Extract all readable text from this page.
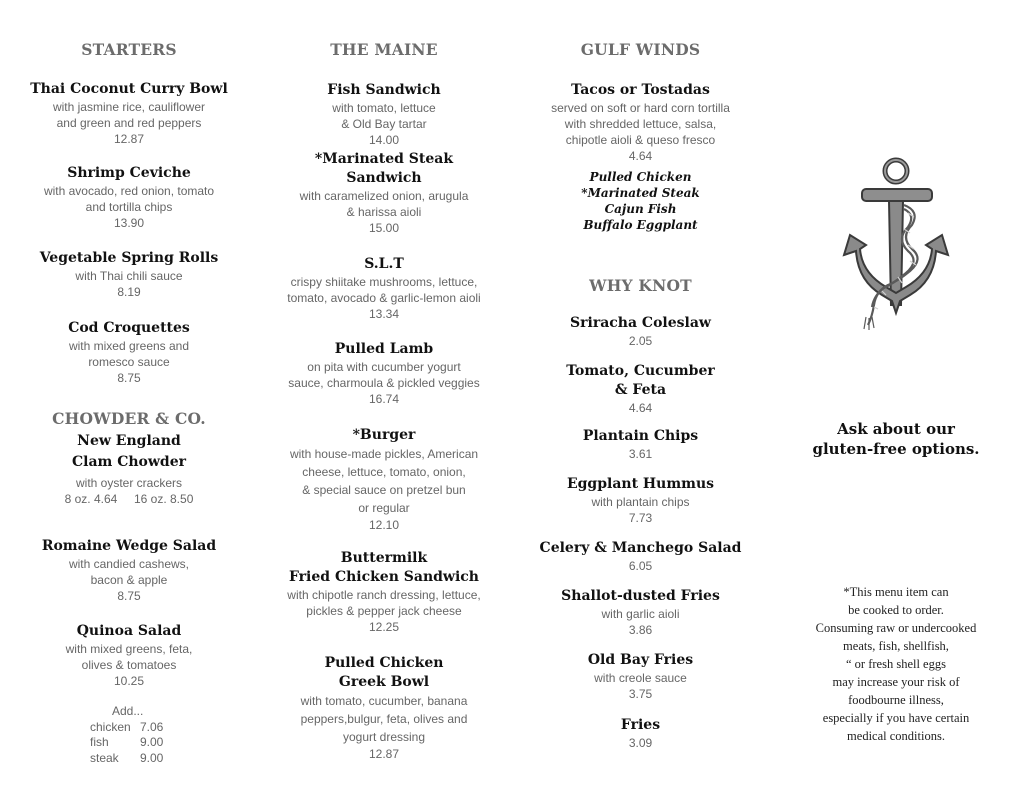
STARTERS
Thai Coconut Curry Bowl
with jasmine rice, cauliflower
and green and red peppers
12.87
Shrimp Ceviche
with avocado, red onion, tomato
and tortilla chips
13.90
Vegetable Spring Rolls
with Thai chili sauce
8.19
Cod Croquettes
with mixed greens and
romesco sauce
8.75
CHOWDER & CO.
New England
Clam Chowder
with oyster crackers
8 oz. 4.64     16 oz. 8.50
Romaine Wedge Salad
with candied cashews,
bacon & apple
8.75
Quinoa Salad
with mixed greens, feta,
olives & tomatoes
10.25
Add...
chicken 7.06
fish	9.00
steak 9.00
THE MAINE
Fish Sandwich
with tomato, lettuce
& Old Bay tartar
14.00
*Marinated Steak
Sandwich
with caramelized onion, arugula
& harissa aioli
15.00
S.L.T
crispy shiitake mushrooms, lettuce,
tomato, avocado & garlic-lemon aioli
13.34
Pulled Lamb
on pita with cucumber yogurt
sauce, charmoula & pickled veggies
16.74
*Burger
with house-made pickles, American
cheese, lettuce, tomato, onion,
& special sauce on pretzel bun
or regular
12.10
Buttermilk
Fried Chicken Sandwich
with chipotle ranch dressing, lettuce,
pickles & pepper jack cheese
12.25
Pulled Chicken
Greek Bowl
with tomato, cucumber, banana
peppers,bulgur, feta, olives and
yogurt dressing
12.87
GULF WINDS
Tacos or Tostadas
served on soft or hard corn tortilla
with shredded lettuce, salsa,
chipotle aioli & queso fresco
4.64
Pulled Chicken
*Marinated Steak
Cajun Fish
Buffalo Eggplant
WHY KNOT
Sriracha Coleslaw
2.05
Tomato, Cucumber
& Feta
4.64
Plantain Chips
3.61
Eggplant Hummus
with plantain chips
7.73
Celery & Manchego Salad
6.05
Shallot-dusted Fries
with garlic aioli
3.86
Old Bay Fries
with creole sauce
3.75
Fries
3.09
Ask about our
gluten-free options.
*This menu item can
be cooked to order.
Consuming raw or undercooked
meats, fish, shellfish,
“ or fresh shell eggs
may increase your risk of
foodbourne illness,
especially if you have certain
medical conditions.
